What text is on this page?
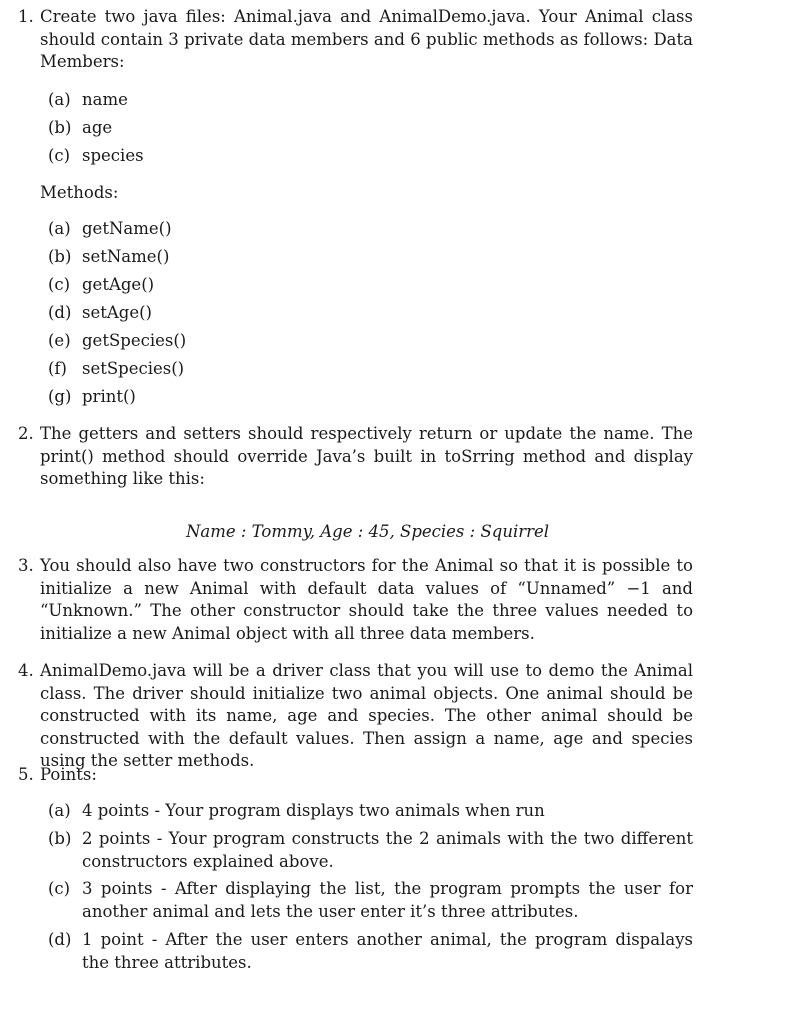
1. Create two java files: Animal.java and AnimalDemo.java. Your Animal class should contain 3 private data members and 6 public methods as follows: Data Members:
(a) name
(b) age
(c) species
Methods:
(a) getName()
(b) setName()
(c) getAge()
(d) setAge()
(e) getSpecies()
(f) setSpecies()
(g) print()
2. The getters and setters should respectively return or update the name. The print() method should override Java’s built in toSrring method and display something like this:
Name : Tommy, Age : 45, Species : Squirrel
3. You should also have two constructors for the Animal so that it is possible to initialize a new Animal with default data values of “Unnamed” −1 and “Unknown.” The other constructor should take the three values needed to initialize a new Animal object with all three data members.
4. AnimalDemo.java will be a driver class that you will use to demo the Animal class. The driver should initialize two animal objects. One animal should be constructed with its name, age and species. The other animal should be constructed with the default values. Then assign a name, age and species using the setter methods.
5. Points:
(a) 4 points - Your program displays two animals when run
(b) 2 points - Your program constructs the 2 animals with the two different constructors explained above.
(c) 3 points - After displaying the list, the program prompts the user for another animal and lets the user enter it’s three attributes.
(d) 1 point - After the user enters another animal, the program dispalays the three attributes.
